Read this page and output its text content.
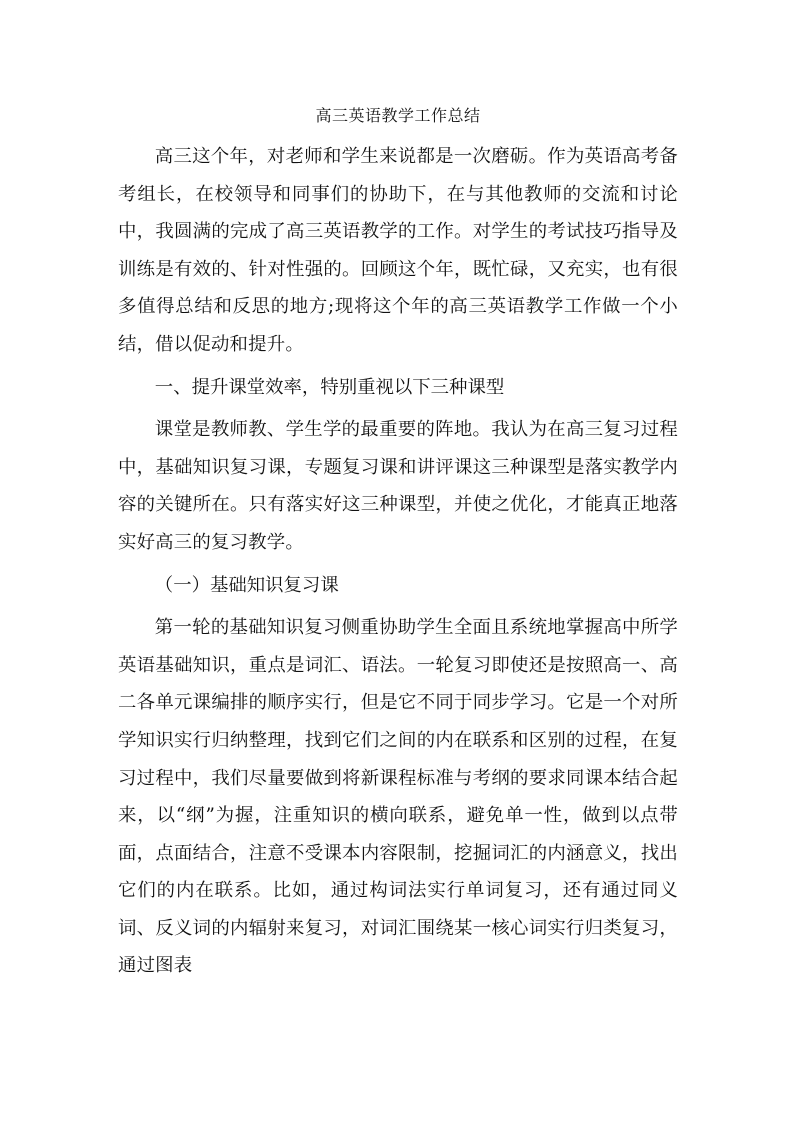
高三英语教学工作总结

高三这个年，对老师和学生来说都是一次磨砺。作为英语高考备考组长，在校领导和同事们的协助下，在与其他教师的交流和讨论中，我圆满的完成了高三英语教学的工作。对学生的考试技巧指导及训练是有效的、针对性强的。回顾这个年，既忙碌，又充实，也有很多值得总结和反思的地方;现将这个年的高三英语教学工作做一个小结，借以促动和提升。

一、提升课堂效率，特别重视以下三种课型

课堂是教师教、学生学的最重要的阵地。我认为在高三复习过程中，基础知识复习课，专题复习课和讲评课这三种课型是落实教学内容的关键所在。只有落实好这三种课型，并使之优化，才能真正地落实好高三的复习教学。

（一）基础知识复习课

第一轮的基础知识复习侧重协助学生全面且系统地掌握高中所学英语基础知识，重点是词汇、语法。一轮复习即使还是按照高一、高二各单元课编排的顺序实行，但是它不同于同步学习。它是一个对所学知识实行归纳整理，找到它们之间的内在联系和区别的过程，在复习过程中，我们尽量要做到将新课程标准与考纲的要求同课本结合起来，以“纲”为握，注重知识的横向联系，避免单一性，做到以点带面，点面结合，注意不受课本内容限制，挖掘词汇的内涵意义，找出它们的内在联系。比如，通过构词法实行单词复习，还有通过同义词、反义词的内辐射来复习，对词汇围绕某一核心词实行归类复习，通过图表
